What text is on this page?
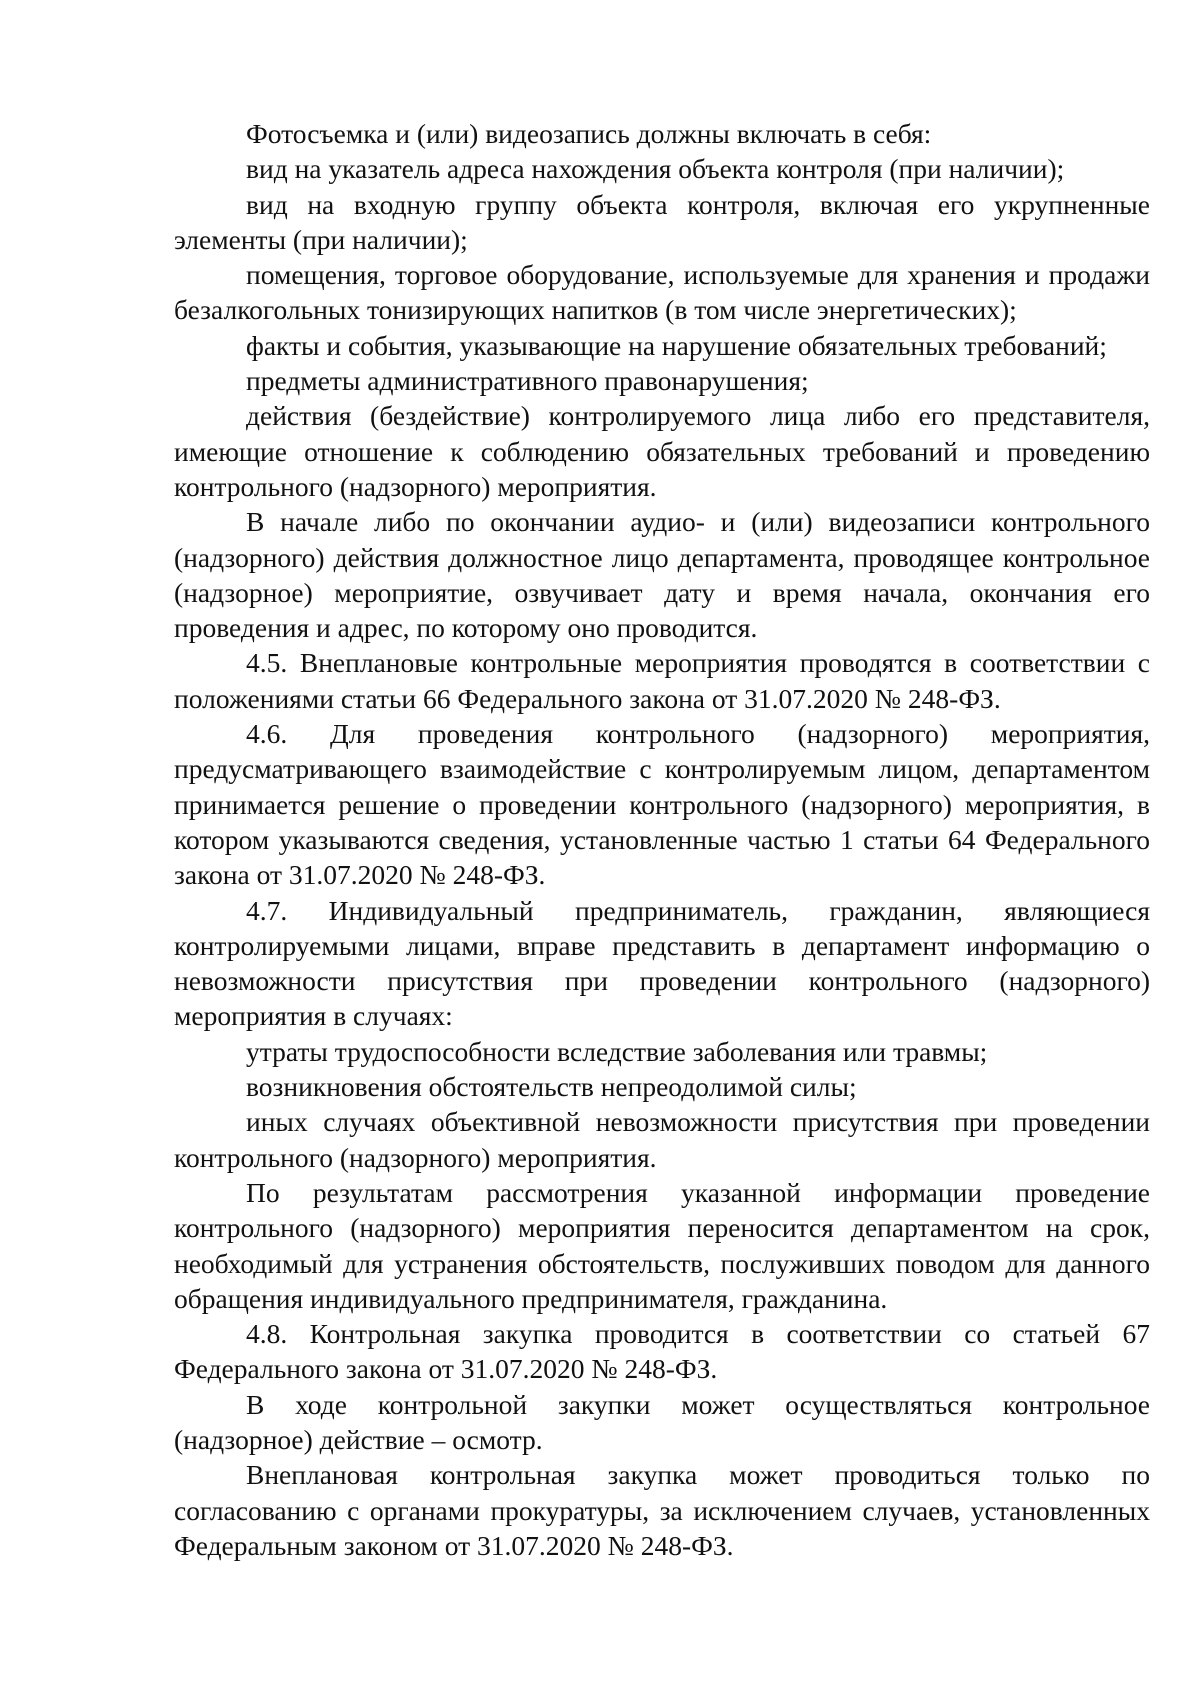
Фотосъемка и (или) видеозапись должны включать в себя:

вид на указатель адреса нахождения объекта контроля (при наличии);

вид на входную группу объекта контроля, включая его укрупненные элементы (при наличии);

помещения, торговое оборудование, используемые для хранения и продажи безалкогольных тонизирующих напитков (в том числе энергетических);

факты и события, указывающие на нарушение обязательных требований;

предметы административного правонарушения;

действия (бездействие) контролируемого лица либо его представителя, имеющие отношение к соблюдению обязательных требований и проведению контрольного (надзорного) мероприятия.

В начале либо по окончании аудио- и (или) видеозаписи контрольного (надзорного) действия должностное лицо департамента, проводящее контрольное (надзорное) мероприятие, озвучивает дату и время начала, окончания его проведения и адрес, по которому оно проводится.

4.5. Внеплановые контрольные мероприятия проводятся в соответствии с положениями статьи 66 Федерального закона от 31.07.2020 № 248-ФЗ.

4.6. Для проведения контрольного (надзорного) мероприятия, предусматривающего взаимодействие с контролируемым лицом, департаментом принимается решение о проведении контрольного (надзорного) мероприятия, в котором указываются сведения, установленные частью 1 статьи 64 Федерального закона от 31.07.2020 № 248-ФЗ.

4.7. Индивидуальный предприниматель, гражданин, являющиеся контролируемыми лицами, вправе представить в департамент информацию о невозможности присутствия при проведении контрольного (надзорного) мероприятия в случаях:

утраты трудоспособности вследствие заболевания или травмы;

возникновения обстоятельств непреодолимой силы;

иных случаях объективной невозможности присутствия при проведении контрольного (надзорного) мероприятия.

По результатам рассмотрения указанной информации проведение контрольного (надзорного) мероприятия переносится департаментом на срок, необходимый для устранения обстоятельств, послуживших поводом для данного обращения индивидуального предпринимателя, гражданина.

4.8. Контрольная закупка проводится в соответствии со статьей 67 Федерального закона от 31.07.2020 № 248-ФЗ.

В ходе контрольной закупки может осуществляться контрольное (надзорное) действие – осмотр.

Внеплановая контрольная закупка может проводиться только по согласованию с органами прокуратуры, за исключением случаев, установленных Федеральным законом от 31.07.2020 № 248-ФЗ.
